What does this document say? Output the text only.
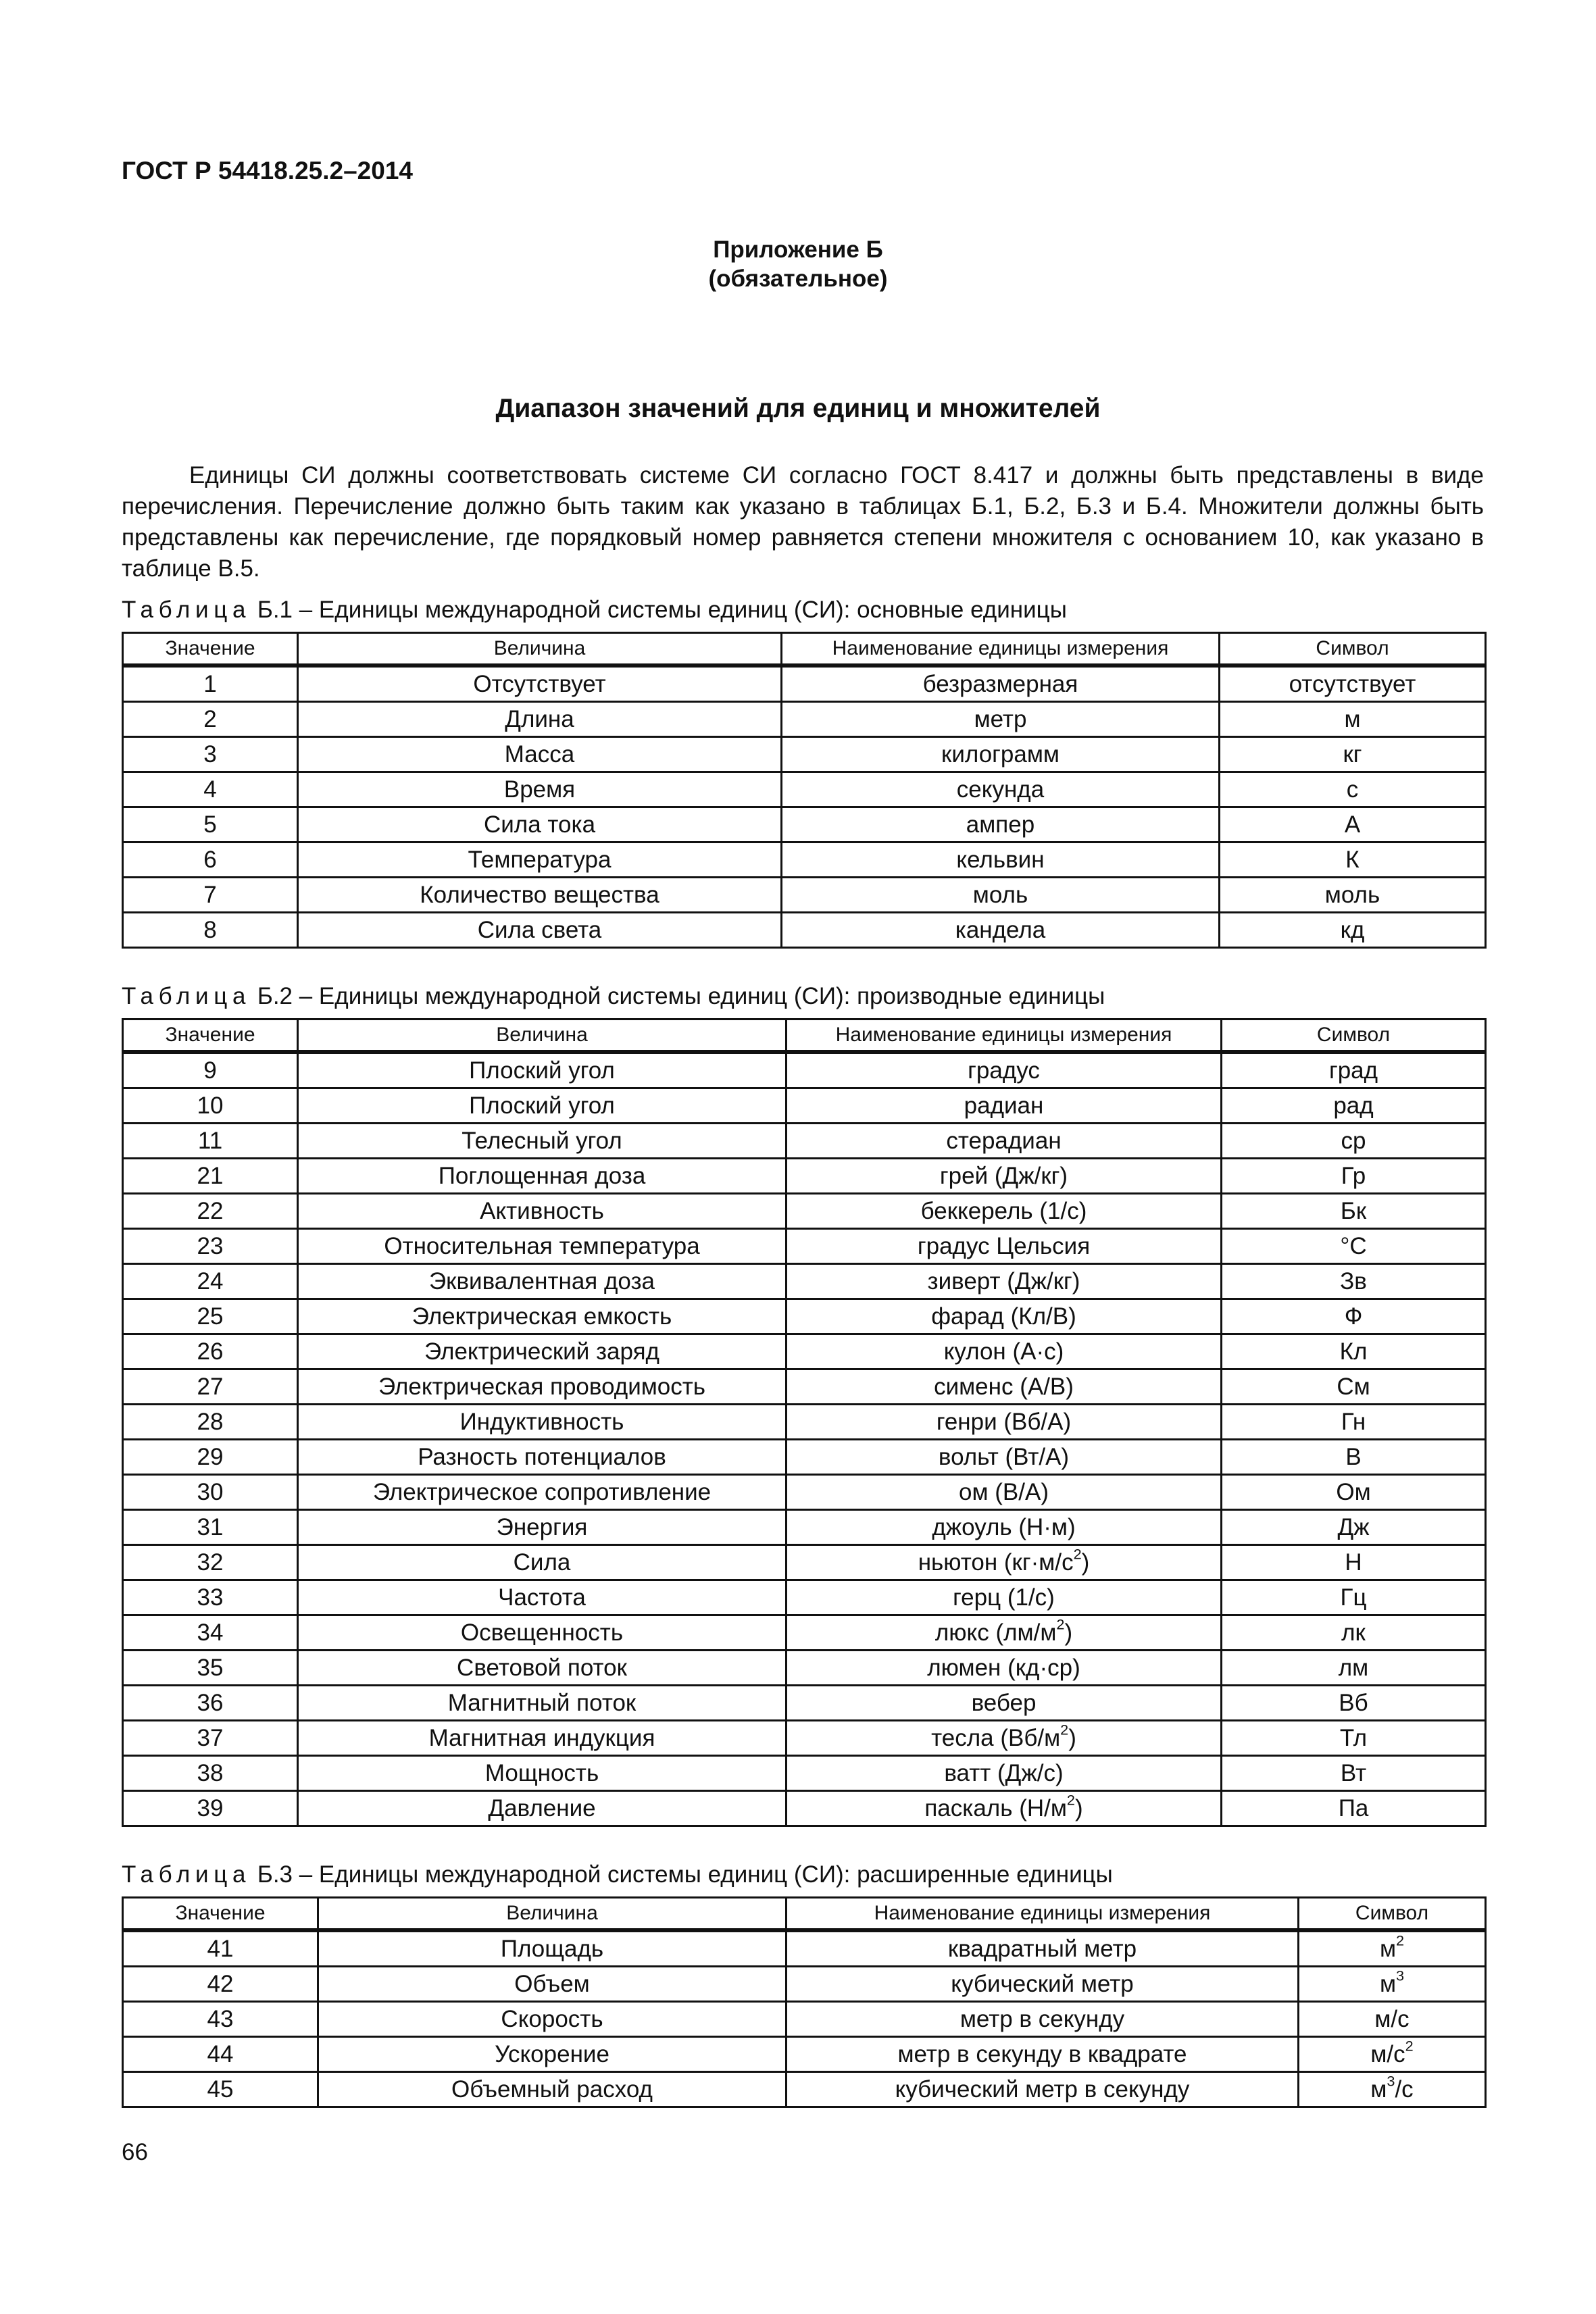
ГОСТ Р 54418.25.2–2014
Приложение Б
(обязательное)
Диапазон значений для единиц и множителей

Единицы СИ должны соответствовать системе СИ согласно ГОСТ 8.417 и должны быть представлены в виде перечисления. Перечисление должно быть таким как указано в таблицах Б.1, Б.2, Б.3 и Б.4. Множители должны быть представлены как перечисление, где порядковый номер равняется степени множителя с основанием 10, как указано в таблице В.5.

Таблица Б.1 – Единицы международной системы единиц (СИ): основные единицы
Значение	Величина	Наименование единицы измерения	Символ
1	Отсутствует	безразмерная	отсутствует
2	Длина	метр	м
3	Масса	килограмм	кг
4	Время	секунда	с
5	Сила тока	ампер	А
6	Температура	кельвин	К
7	Количество вещества	моль	моль
8	Сила света	кандела	кд
Таблица Б.2 – Единицы международной системы единиц (СИ): производные единицы
Значение	Величина	Наименование единицы измерения	Символ
9	Плоский угол	градус	град
10	Плоский угол	радиан	рад
11	Телесный угол	стерадиан	ср
21	Поглощенная доза	грей (Дж/кг)	Гр
22	Активность	беккерель (1/с)	Бк
23	Относительная температура	градус Цельсия	°C
24	Эквивалентная доза	зиверт (Дж/кг)	Зв
25	Электрическая емкость	фарад (Кл/В)	Ф
26	Электрический заряд	кулон (А·с)	Кл
27	Электрическая проводимость	сименс (А/В)	См
28	Индуктивность	генри (Вб/А)	Гн
29	Разность потенциалов	вольт (Вт/А)	В
30	Электрическое сопротивление	ом (В/А)	Ом
31	Энергия	джоуль (Н·м)	Дж
32	Сила	ньютон $(кг\cdot м/с^2)$	Н
33	Частота	герц (1/с)	Гц
34	Освещенность	люкс $(лм/м^2)$	лк
35	Световой поток	люмен (кд·ср)	лм
36	Магнитный поток	вебер	Вб
37	Магнитная индукция	тесла $(Вб/м^2)$	Тл
38	Мощность	ватт (Дж/с)	Вт
39	Давление	паскаль $(Н/м^2)$	Па
Таблица Б.3 – Единицы международной системы единиц (СИ): расширенные единицы
Значение	Величина	Наименование единицы измерения	Символ
41	Площадь	квадратный метр	$м^2$
42	Объем	кубический метр	$м^3$
43	Скорость	метр в секунду	м/с
44	Ускорение	метр в секунду в квадрате	$м/с^2$
45	Объемный расход	кубический метр в секунду	$м^3/с$
66
